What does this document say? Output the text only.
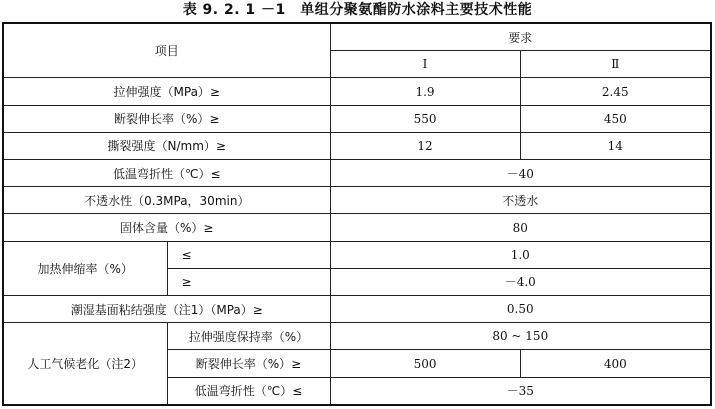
表 9. 2. 1 －1　单组分聚氨酯防水涂料主要技术性能
项目		要求	
		Ⅰ	Ⅱ
拉伸强度（MPa）≥		1.9	2.45
断裂伸长率（%）≥		550	450
撕裂强度（N/mm）≥		12	14
低温弯折性（℃）≤		－40	
不透水性（0.3MPa，30min）		不透水	
固体含量（%）≥		80	
加热伸缩率（%）	≤	1.0	
	≥	－4.0	
潮湿基面粘结强度（注1）（MPa）≥		0.50	
人工气候老化（注2）	拉伸强度保持率（%）	80 ~ 150	
	断裂伸长率（%）≥	500	400
	低温弯折性（℃）≤	－35	
